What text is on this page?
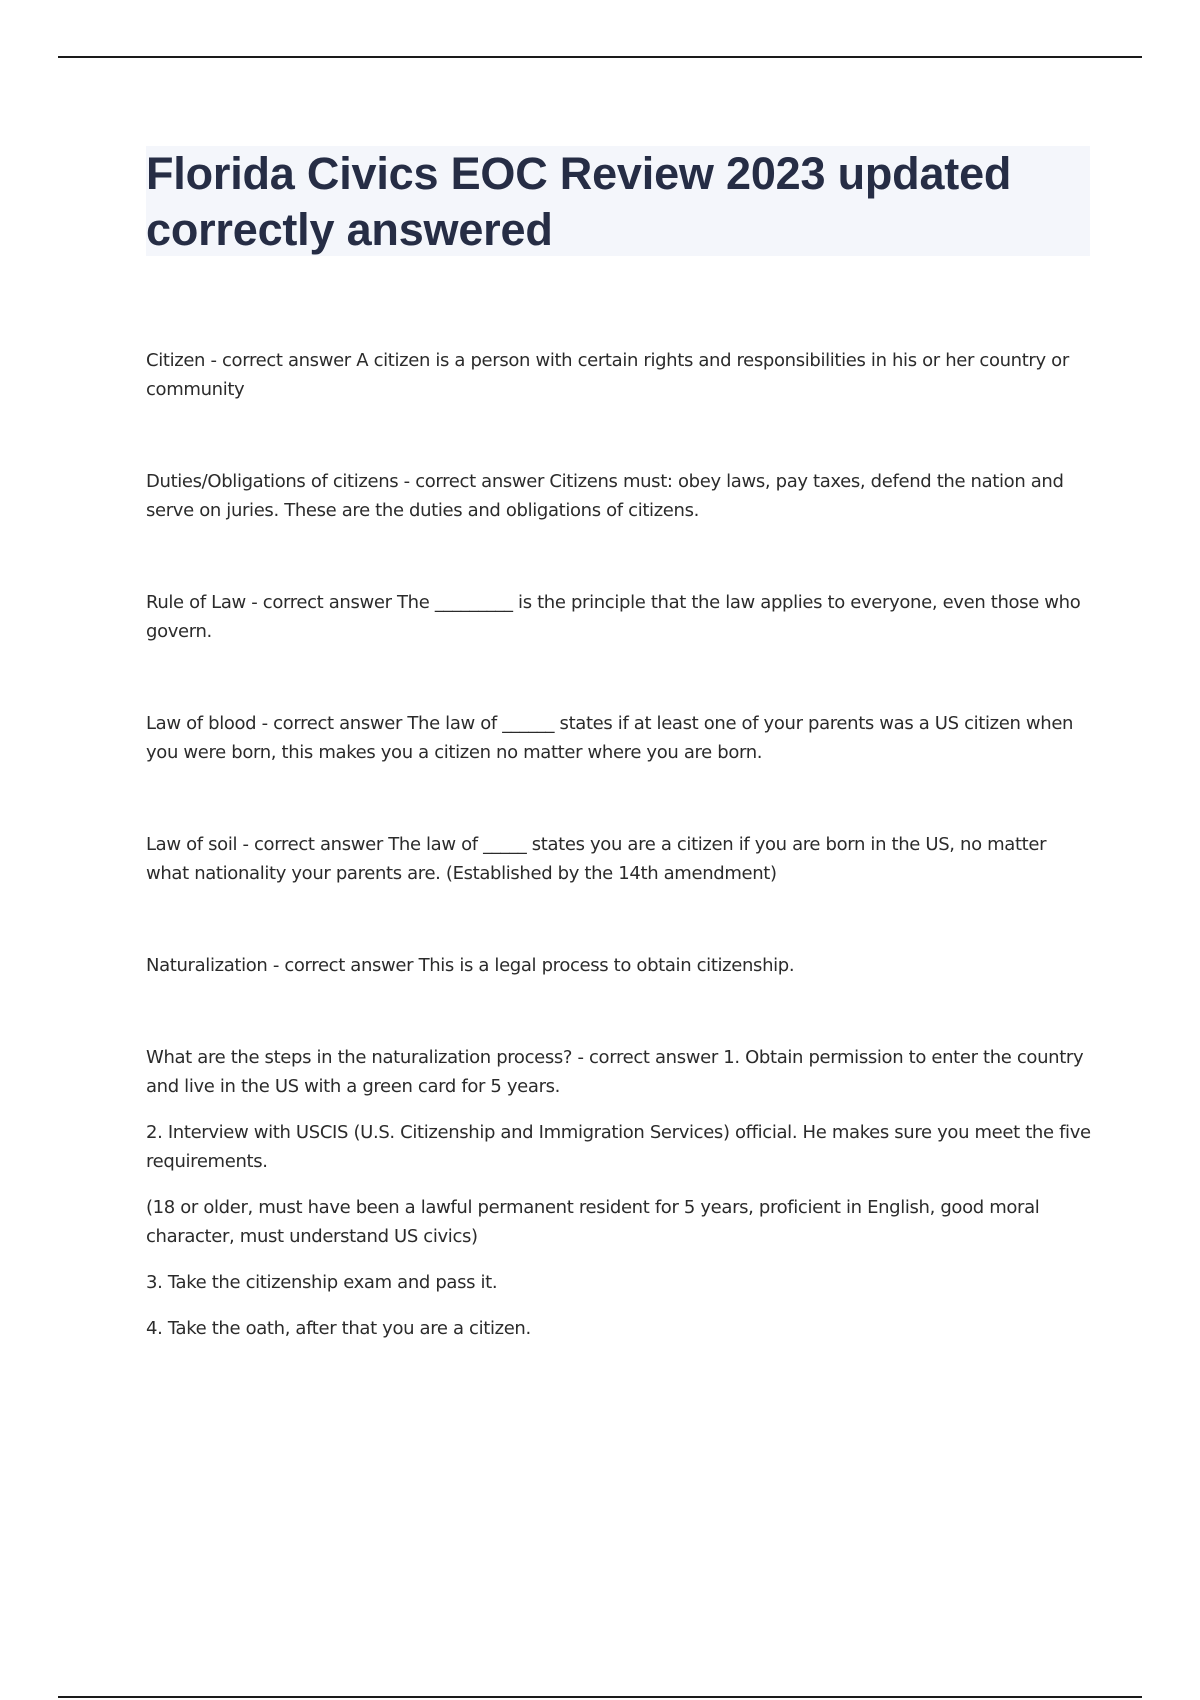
Florida Civics EOC Review 2023 updated correctly answered

Citizen - correct answer A citizen is a person with certain rights and responsibilities in his or her country or community

Duties/Obligations of citizens - correct answer Citizens must: obey laws, pay taxes, defend the nation and serve on juries. These are the duties and obligations of citizens.

Rule of Law - correct answer The _________ is the principle that the law applies to everyone, even those who govern.

Law of blood - correct answer The law of ______ states if at least one of your parents was a US citizen when you were born, this makes you a citizen no matter where you are born.

Law of soil - correct answer The law of _____ states you are a citizen if you are born in the US, no matter what nationality your parents are. (Established by the 14th amendment)

Naturalization - correct answer This is a legal process to obtain citizenship.

What are the steps in the naturalization process? - correct answer 1. Obtain permission to enter the country and live in the US with a green card for 5 years.

2. Interview with USCIS (U.S. Citizenship and Immigration Services) official. He makes sure you meet the five requirements.

(18 or older, must have been a lawful permanent resident for 5 years, proficient in English, good moral character, must understand US civics)

3. Take the citizenship exam and pass it.

4. Take the oath, after that you are a citizen.
